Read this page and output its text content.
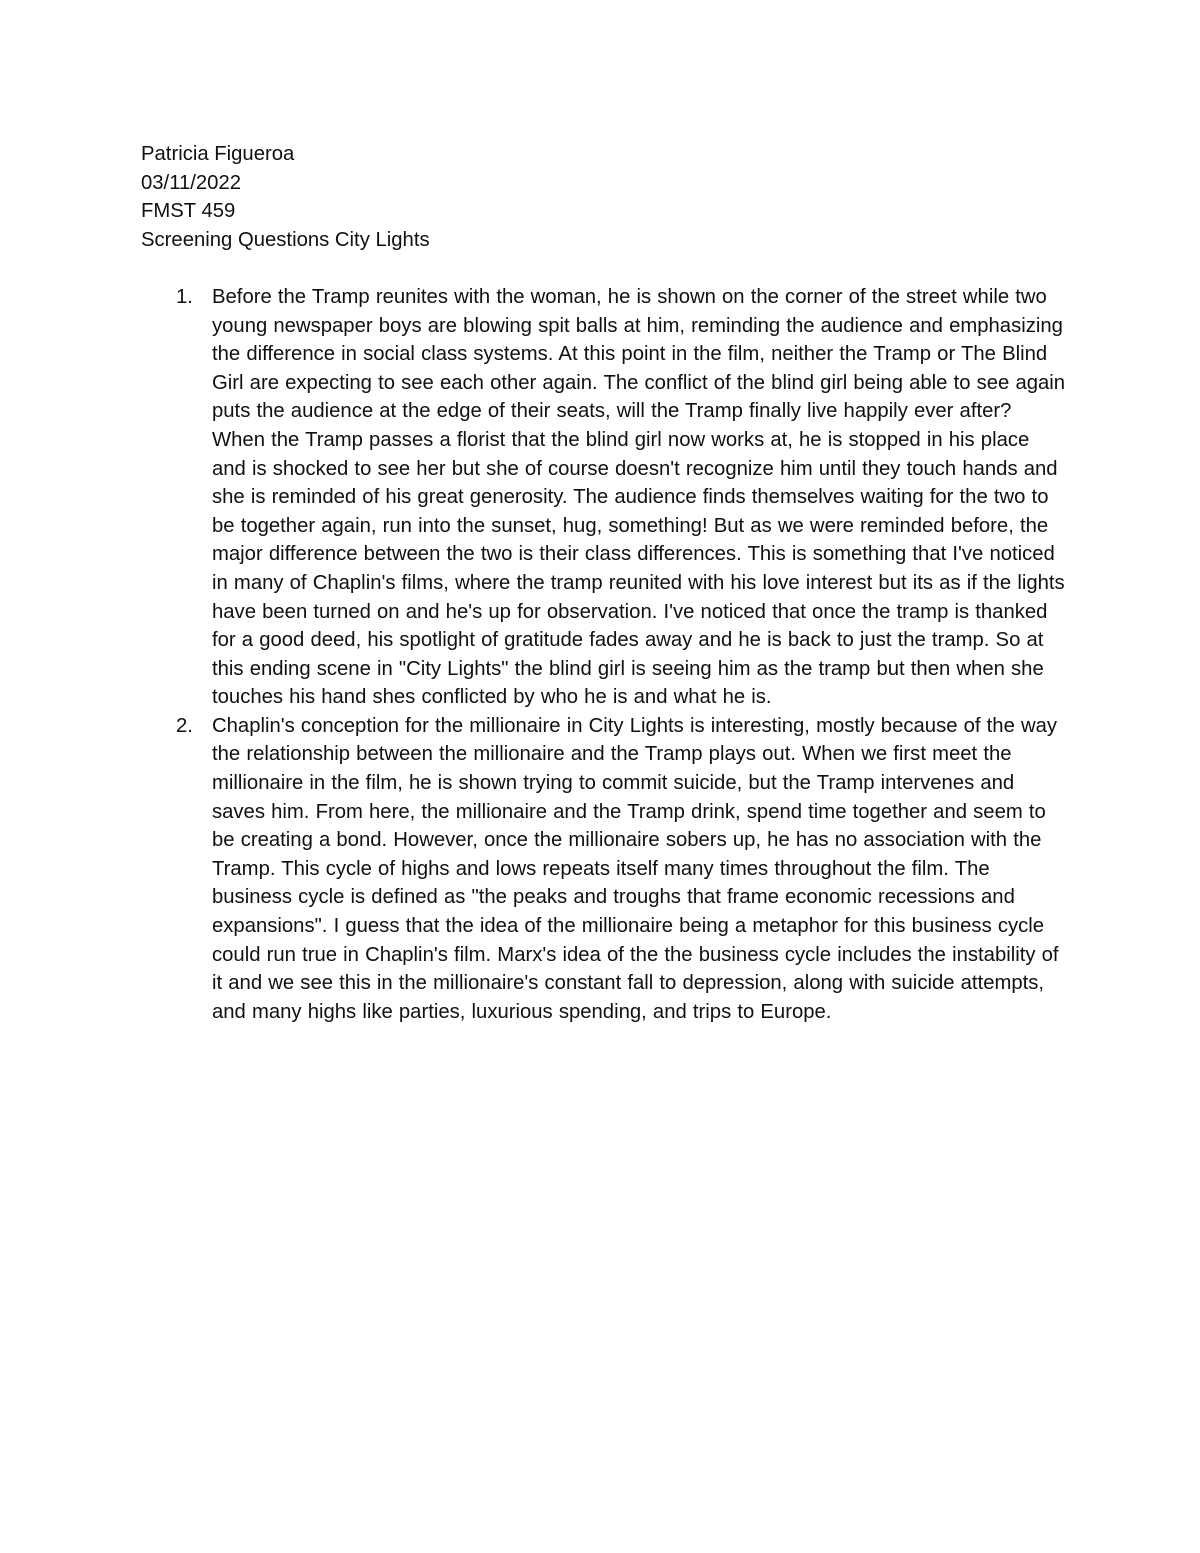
Patricia Figueroa

03/11/2022

FMST 459

Screening Questions City Lights

1. Before the Tramp reunites with the woman, he is shown on the corner of the street while two young newspaper boys are blowing spit balls at him, reminding the audience and emphasizing the difference in social class systems. At this point in the film, neither the Tramp or The Blind Girl are expecting to see each other again. The conflict of the blind girl being able to see again puts the audience at the edge of their seats, will the Tramp finally live happily ever after? When the Tramp passes a florist that the blind girl now works at, he is stopped in his place and is shocked to see her but she of course doesn't recognize him until they touch hands and she is reminded of his great generosity. The audience finds themselves waiting for the two to be together again, run into the sunset, hug, something! But as we were reminded before, the major difference between the two is their class differences. This is something that I've noticed in many of Chaplin's films, where the tramp reunited with his love interest but its as if the lights have been turned on and he's up for observation. I've noticed that once the tramp is thanked for a good deed, his spotlight of gratitude fades away and he is back to just the tramp. So at this ending scene in "City Lights" the blind girl is seeing him as the tramp but then when she touches his hand shes conflicted by who he is and what he is.
2. Chaplin's conception for the millionaire in City Lights is interesting, mostly because of the way the relationship between the millionaire and the Tramp plays out. When we first meet the millionaire in the film, he is shown trying to commit suicide, but the Tramp intervenes and saves him. From here, the millionaire and the Tramp drink, spend time together and seem to be creating a bond. However, once the millionaire sobers up, he has no association with the Tramp. This cycle of highs and lows repeats itself many times throughout the film. The business cycle is defined as "the peaks and troughs that frame economic recessions and expansions". I guess that the idea of the millionaire being a metaphor for this business cycle could run true in Chaplin's film. Marx's idea of the the business cycle includes the instability of it and we see this in the millionaire's constant fall to depression, along with suicide attempts, and many highs like parties, luxurious spending, and trips to Europe.
